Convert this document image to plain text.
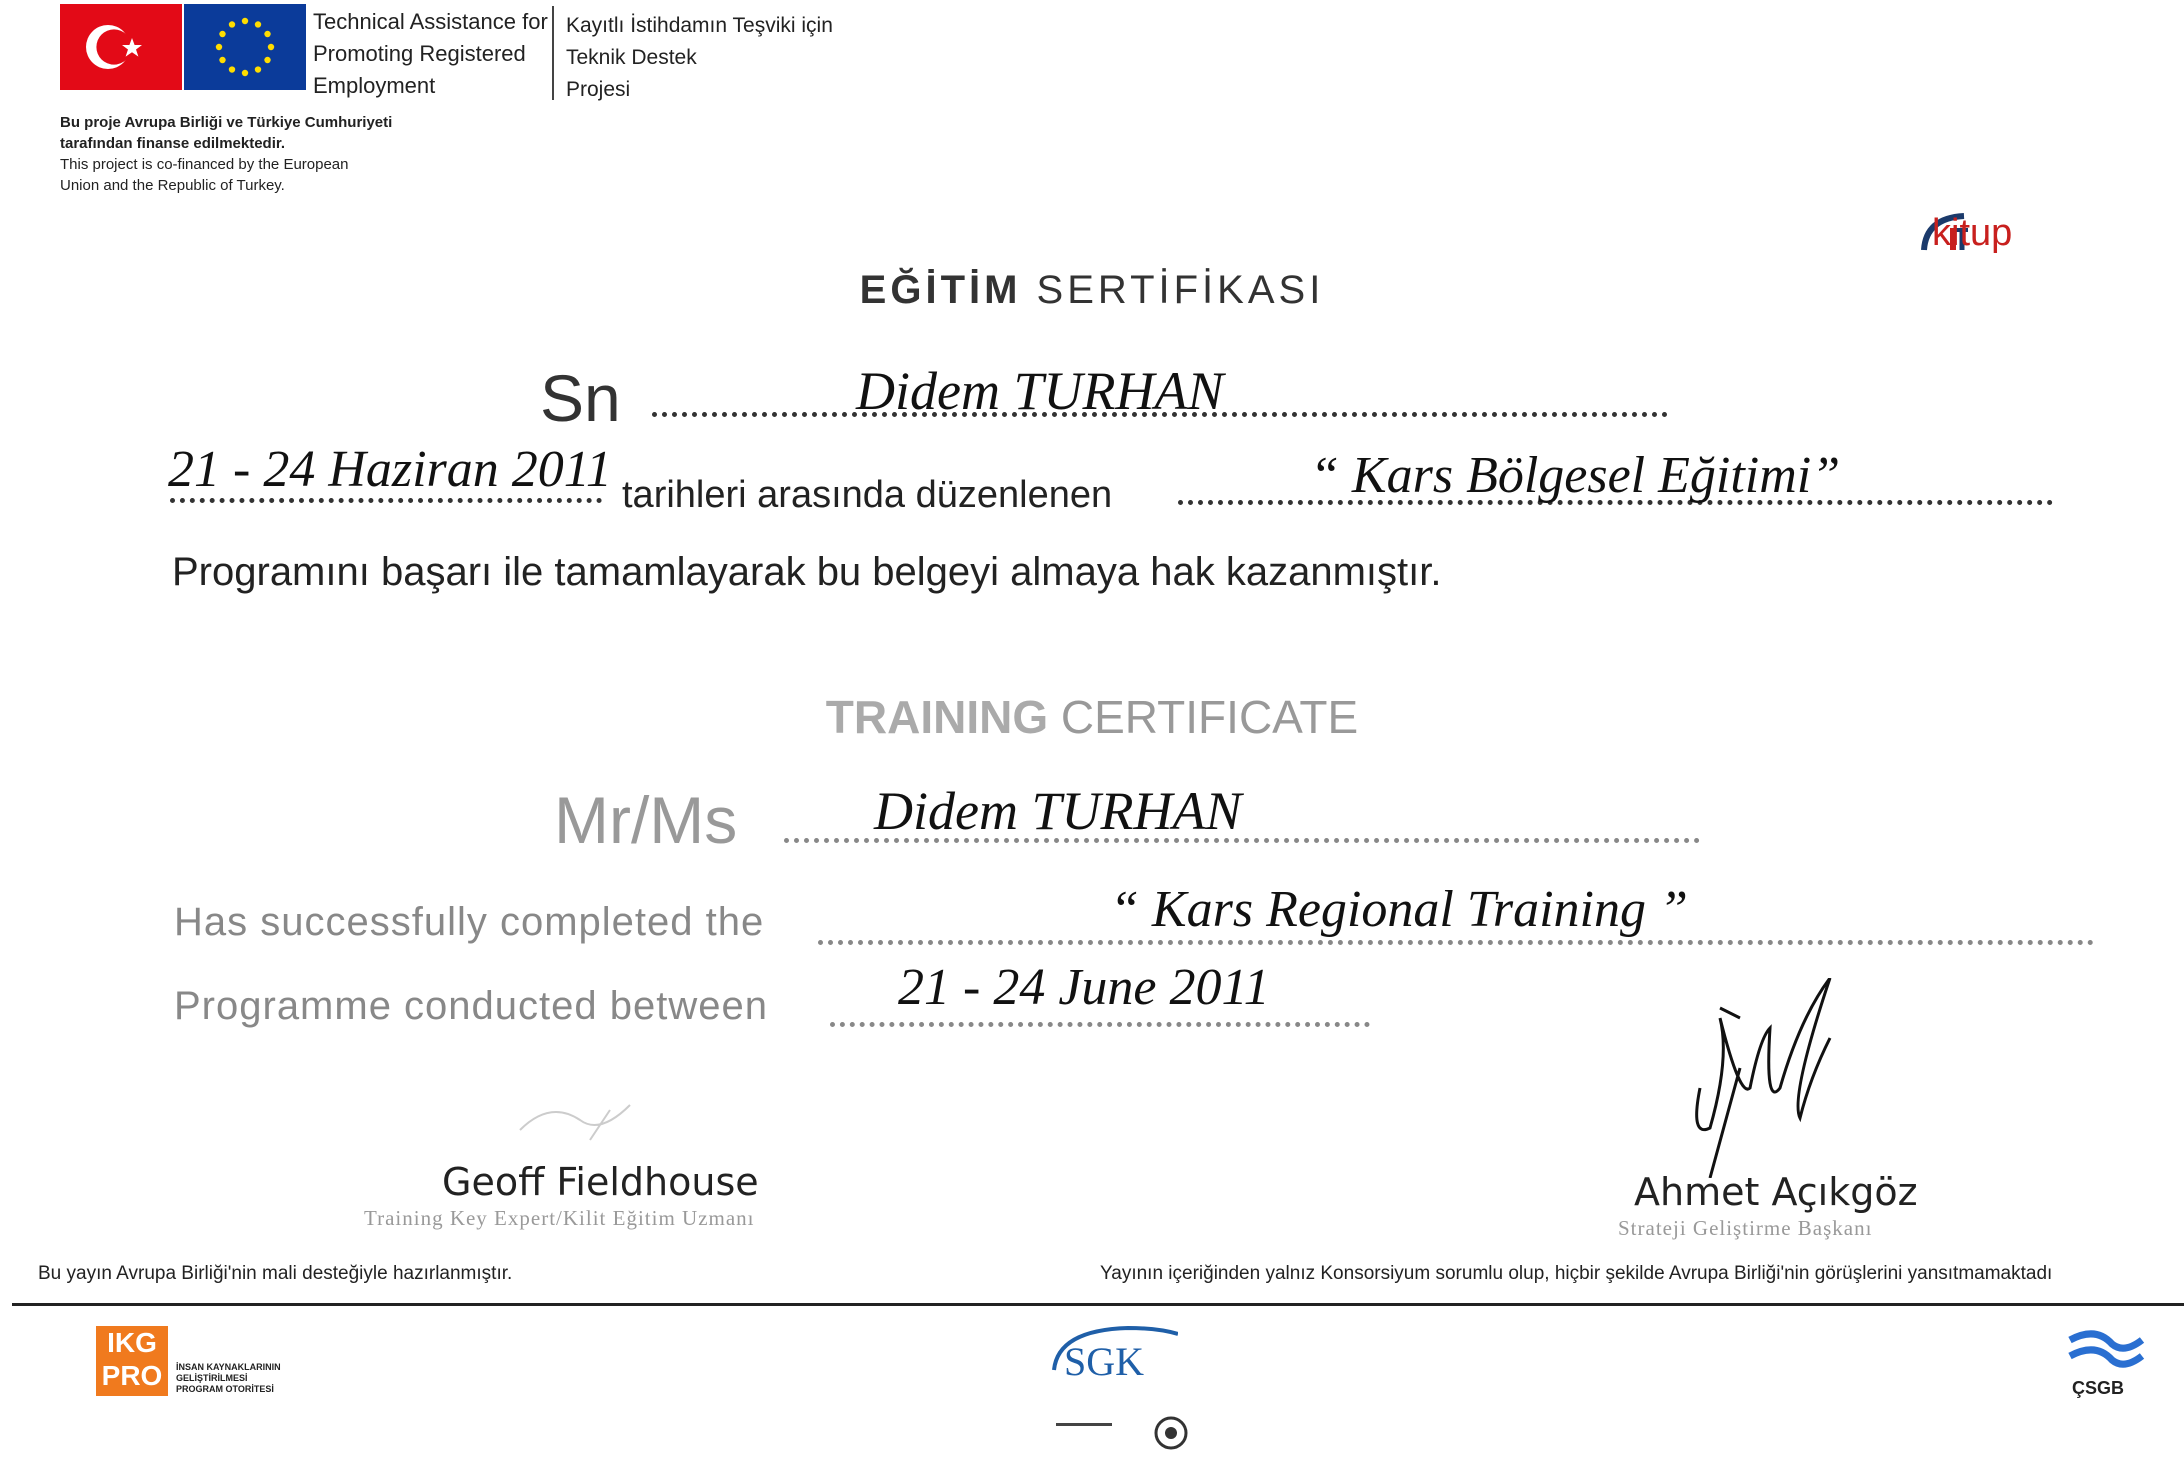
Technical Assistance for
Promoting Registered
Employment
Kayıtlı İstihdamın Teşviki için
Teknik Destek
Projesi
Bu proje Avrupa Birliği ve Türkiye Cumhuriyeti
tarafından finanse edilmektedir.
This project is co-financed by the European
Union and the Republic of Turkey.
kitup
EĞİTİM SERTİFİKASI
Sn	Didem TURHAN
21 - 24 Haziran 2011 tarihleri arasında düzenlenen	“ Kars Bölgesel Eğitimi”
Programını başarı ile tamamlayarak bu belgeyi almaya hak kazanmıştır.
TRAINING CERTIFICATE
Mr/Ms	Didem TURHAN
Has successfully completed the	“ Kars Regional Training ”
Programme conducted between	21 - 24 June 2011
Geoff Fieldhouse
Training Key Expert/Kilit Eğitim Uzmanı
Ahmet Açıkgöz
Strateji Geliştirme Başkanı
Bu yayın Avrupa Birliği'nin mali desteğiyle hazırlanmıştır.	Yayının içeriğinden yalnız Konsorsiyum sorumlu olup, hiçbir şekilde Avrupa Birliği'nin görüşlerini yansıtmamaktadı
IKG
PRO	İNSAN KAYNAKLARININ
GELİŞTİRİLMESİ
PROGRAM OTORİTESİ
SGK
ÇSGB
